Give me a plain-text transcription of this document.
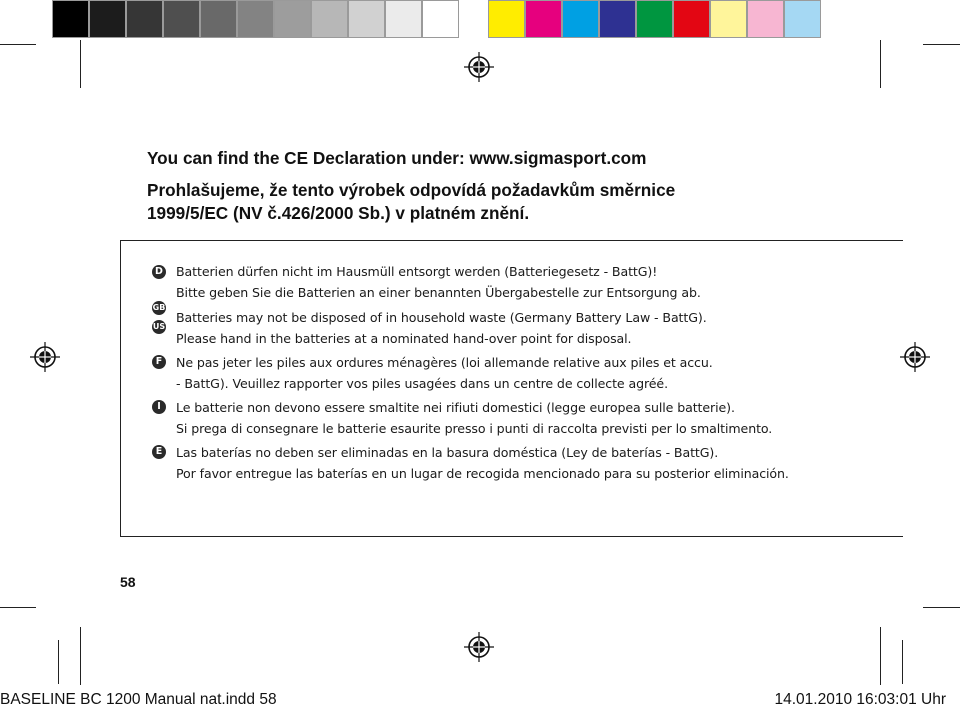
You can find the CE Declaration under: www.sigmasport.com
Prohlašujeme, že tento výrobek odpovídá požadavkům směrnice
1999/5/EC (NV č.426/2000 Sb.) v platném znění.
D Batterien dürfen nicht im Hausmüll entsorgt werden (Batteriegesetz - BattG)!
Bitte geben Sie die Batterien an einer benannten Übergabestelle zur Entsorgung ab.
GB
US
Batteries may not be disposed of in household waste (Germany Battery Law - BattG).
Please hand in the batteries at a nominated hand-over point for disposal.
F Ne pas jeter les piles aux ordures ménagères (loi allemande relative aux piles et accu.
- BattG). Veuillez rapporter vos piles usagées dans un centre de collecte agréé.
I	Le batterie non devono essere smaltite nei rifiuti domestici (legge europea sulle batterie).
Si prega di consegnare le batterie esaurite presso i punti di raccolta previsti per lo smaltimento.
E Las baterías no deben ser eliminadas en la basura doméstica (Ley de baterías - BattG).
Por favor entregue las baterías en un lugar de recogida mencionado para su posterior eliminación.
58
BASELINE BC 1200 Manual nat.indd 58	14.01.2010 16:03:01 Uhr
